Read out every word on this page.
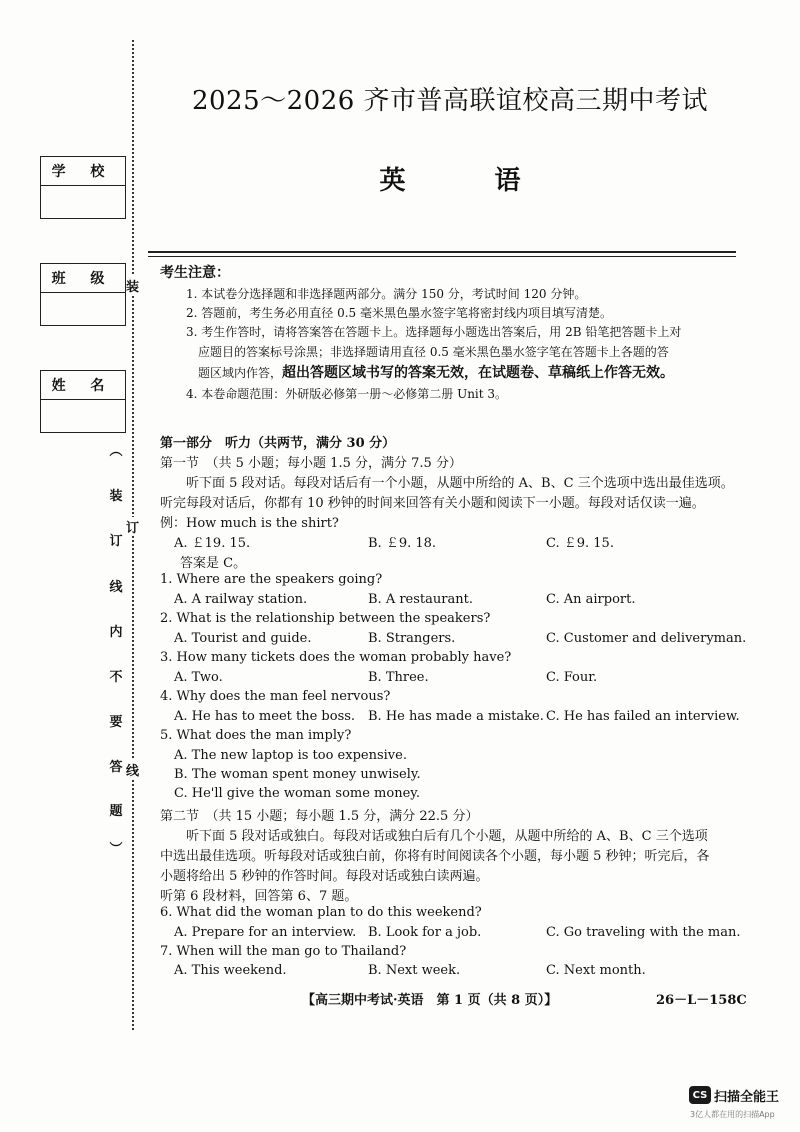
学 校
班 级
姓 名
︵
装
订
线
内
不
要
答
题
︶
装
订
线
2025～2026 齐市普高联谊校高三期中考试
英 语
考生注意：
1. 本试卷分选择题和非选择题两部分。满分 150 分，考试时间 120 分钟。
2. 答题前，考生务必用直径 0.5 毫米黑色墨水签字笔将密封线内项目填写清楚。
3. 考生作答时，请将答案答在答题卡上。选择题每小题选出答案后，用 2B 铅笔把答题卡上对
应题目的答案标号涂黑；非选择题请用直径 0.5 毫米黑色墨水签字笔在答题卡上各题的答
题区域内作答，超出答题区域书写的答案无效，在试题卷、草稿纸上作答无效。
4. 本卷命题范围：外研版必修第一册～必修第二册 Unit 3。
第一部分　听力（共两节，满分 30 分）
第一节　（共 5 小题；每小题 1.5 分，满分 7.5 分）
听下面 5 段对话。每段对话后有一个小题，从题中所给的 A、B、C 三个选项中选出最佳选项。
听完每段对话后，你都有 10 秒钟的时间来回答有关小题和阅读下一小题。每段对话仅读一遍。
例：How much is the shirt?
A. ￡19. 15.	B. ￡9. 18.	C. ￡9. 15.
答案是 C。
1. Where are the speakers going?
A. A railway station.	B. A restaurant.	C. An airport.
2. What is the relationship between the speakers?
A. Tourist and guide.	B. Strangers.	C. Customer and deliveryman.
3. How many tickets does the woman probably have?
A. Two.	B. Three.	C. Four.
4. Why does the man feel nervous?
A. He has to meet the boss. B. He has made a mistake. C. He has failed an interview.
5. What does the man imply?
A. The new laptop is too expensive.
B. The woman spent money unwisely.
C. He'll give the woman some money.
第二节　（共 15 小题；每小题 1.5 分，满分 22.5 分）
听下面 5 段对话或独白。每段对话或独白后有几个小题，从题中所给的 A、B、C 三个选项
中选出最佳选项。听每段对话或独白前，你将有时间阅读各个小题，每小题 5 秒钟；听完后，各
小题将给出 5 秒钟的作答时间。每段对话或独白读两遍。
听第 6 段材料，回答第 6、7 题。
6. What did the woman plan to do this weekend?
A. Prepare for an interview. B. Look for a job.	C. Go traveling with the man.
7. When will the man go to Thailand?
A. This weekend.	B. Next week.	C. Next month.
【高三期中考试·英语　第 1 页（共 8 页）】	26－L－158C
CS 扫描全能王
3亿人都在用的扫描App
